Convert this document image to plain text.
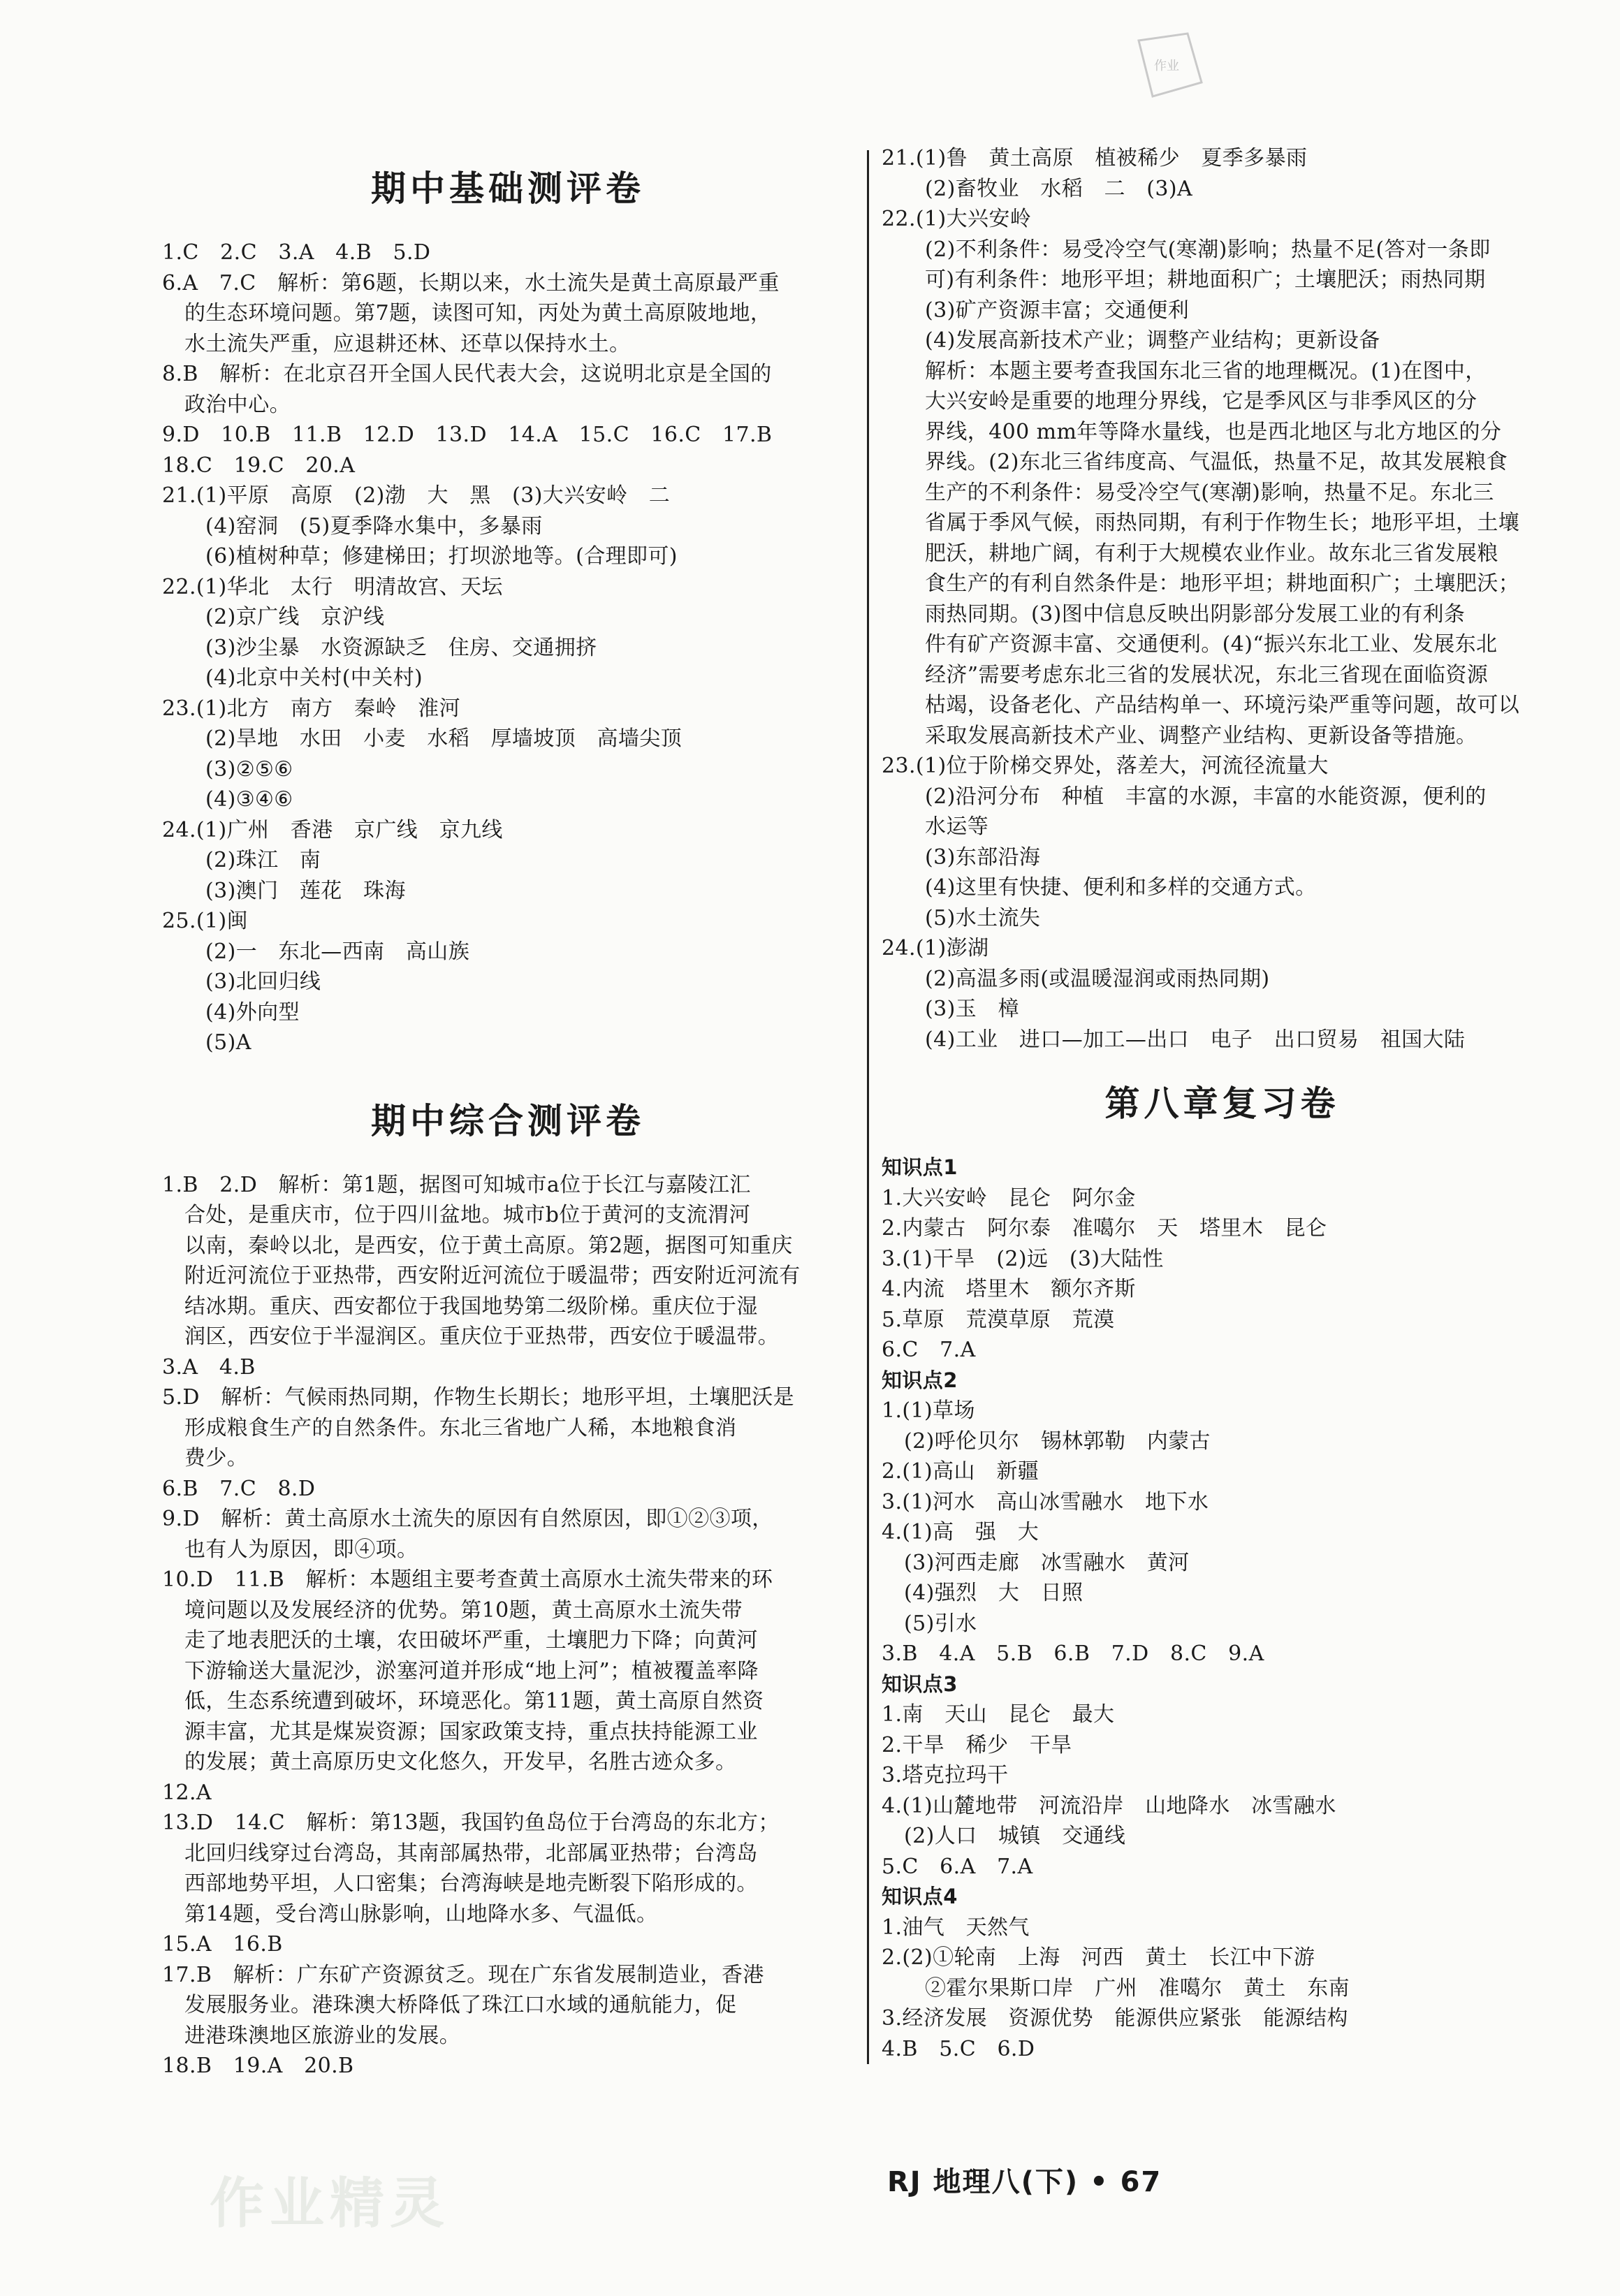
作业
期中基础测评卷
1.C　2.C　3.A　4.B　5.D
6.A　7.C　解析：第6题，长期以来，水土流失是黄土高原最严重
的生态环境问题。第7题，读图可知，丙处为黄土高原陂地地，
水土流失严重，应退耕还林、还草以保持水土。
8.B　解析：在北京召开全国人民代表大会，这说明北京是全国的
政治中心。
9.D　10.B　11.B　12.D　13.D　14.A　15.C　16.C　17.B
18.C　19.C　20.A
21.(1)平原　高原　(2)渤　大　黑　(3)大兴安岭　二
(4)窑洞　(5)夏季降水集中，多暴雨
(6)植树种草；修建梯田；打坝淤地等。(合理即可)
22.(1)华北　太行　明清故宫、天坛
(2)京广线　京沪线
(3)沙尘暴　水资源缺乏　住房、交通拥挤
(4)北京中关村(中关村)
23.(1)北方　南方　秦岭　淮河
(2)旱地　水田　小麦　水稻　厚墙坡顶　高墙尖顶
(3)②⑤⑥
(4)③④⑥
24.(1)广州　香港　京广线　京九线
(2)珠江　南
(3)澳门　莲花　珠海
25.(1)闽
(2)一　东北—西南　高山族
(3)北回归线
(4)外向型
(5)A
期中综合测评卷
1.B　2.D　解析：第1题，据图可知城市a位于长江与嘉陵江汇
合处，是重庆市，位于四川盆地。城市b位于黄河的支流渭河
以南，秦岭以北，是西安，位于黄土高原。第2题，据图可知重庆
附近河流位于亚热带，西安附近河流位于暖温带；西安附近河流有
结冰期。重庆、西安都位于我国地势第二级阶梯。重庆位于湿
润区，西安位于半湿润区。重庆位于亚热带，西安位于暖温带。
3.A　4.B
5.D　解析：气候雨热同期，作物生长期长；地形平坦，土壤肥沃是
形成粮食生产的自然条件。东北三省地广人稀，本地粮食消
费少。
6.B　7.C　8.D
9.D　解析：黄土高原水土流失的原因有自然原因，即①②③项，
也有人为原因，即④项。
10.D　11.B　解析：本题组主要考查黄土高原水土流失带来的环
境问题以及发展经济的优势。第10题，黄土高原水土流失带
走了地表肥沃的土壤，农田破坏严重，土壤肥力下降；向黄河
下游输送大量泥沙，淤塞河道并形成“地上河”；植被覆盖率降
低，生态系统遭到破坏，环境恶化。第11题，黄土高原自然资
源丰富，尤其是煤炭资源；国家政策支持，重点扶持能源工业
的发展；黄土高原历史文化悠久，开发早，名胜古迹众多。
12.A
13.D　14.C　解析：第13题，我国钓鱼岛位于台湾岛的东北方；
北回归线穿过台湾岛，其南部属热带，北部属亚热带；台湾岛
西部地势平坦，人口密集；台湾海峡是地壳断裂下陷形成的。
第14题，受台湾山脉影响，山地降水多、气温低。
15.A　16.B
17.B　解析：广东矿产资源贫乏。现在广东省发展制造业，香港
发展服务业。港珠澳大桥降低了珠江口水域的通航能力，促
进港珠澳地区旅游业的发展。
18.B　19.A　20.B
21.(1)鲁　黄土高原　植被稀少　夏季多暴雨
(2)畜牧业　水稻　二　(3)A
22.(1)大兴安岭
(2)不利条件：易受冷空气(寒潮)影响；热量不足(答对一条即
可)有利条件：地形平坦；耕地面积广；土壤肥沃；雨热同期
(3)矿产资源丰富；交通便利
(4)发展高新技术产业；调整产业结构；更新设备
解析：本题主要考查我国东北三省的地理概况。(1)在图中，
大兴安岭是重要的地理分界线，它是季风区与非季风区的分
界线，400 mm年等降水量线，也是西北地区与北方地区的分
界线。(2)东北三省纬度高、气温低，热量不足，故其发展粮食
生产的不利条件：易受冷空气(寒潮)影响，热量不足。东北三
省属于季风气候，雨热同期，有利于作物生长；地形平坦，土壤
肥沃，耕地广阔，有利于大规模农业作业。故东北三省发展粮
食生产的有利自然条件是：地形平坦；耕地面积广；土壤肥沃；
雨热同期。(3)图中信息反映出阴影部分发展工业的有利条
件有矿产资源丰富、交通便利。(4)“振兴东北工业、发展东北
经济”需要考虑东北三省的发展状况，东北三省现在面临资源
枯竭，设备老化、产品结构单一、环境污染严重等问题，故可以
采取发展高新技术产业、调整产业结构、更新设备等措施。
23.(1)位于阶梯交界处，落差大，河流径流量大
(2)沿河分布　种植　丰富的水源，丰富的水能资源，便利的
水运等
(3)东部沿海
(4)这里有快捷、便利和多样的交通方式。
(5)水土流失
24.(1)澎湖
(2)高温多雨(或温暖湿润或雨热同期)
(3)玉　樟
(4)工业　进口—加工—出口　电子　出口贸易　祖国大陆
第八章复习卷
知识点1
1.大兴安岭　昆仑　阿尔金
2.内蒙古　阿尔泰　准噶尔　天　塔里木　昆仑
3.(1)干旱　(2)远　(3)大陆性
4.内流　塔里木　额尔齐斯
5.草原　荒漠草原　荒漠
6.C　7.A
知识点2
1.(1)草场
(2)呼伦贝尔　锡林郭勒　内蒙古
2.(1)高山　新疆
3.(1)河水　高山冰雪融水　地下水
4.(1)高　强　大
(3)河西走廊　冰雪融水　黄河
(4)强烈　大　日照
(5)引水
3.B　4.A　5.B　6.B　7.D　8.C　9.A
知识点3
1.南　天山　昆仑　最大
2.干旱　稀少　干旱
3.塔克拉玛干
4.(1)山麓地带　河流沿岸　山地降水　冰雪融水
(2)人口　城镇　交通线
5.C　6.A　7.A
知识点4
1.油气　天然气
2.(2)①轮南　上海　河西　黄土　长江中下游
②霍尔果斯口岸　广州　准噶尔　黄土　东南
3.经济发展　资源优势　能源供应紧张　能源结构
4.B　5.C　6.D
作业精灵	RJ 地理八(下) • 67
